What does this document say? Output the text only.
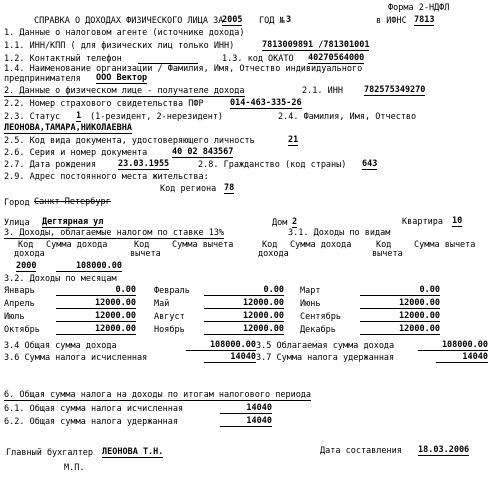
Форма 2-НДФЛ
СПРАВКА О ДОХОДАХ ФИЗИЧЕСКОГО ЛИЦА ЗА
2005 ГОД № 3	в ИФНС 7813
1. Данные о налоговом агенте (источнике дохода)
1.1. ИНН/КПП ( для физических лиц только ИНН)	7813009891 /781301001
1.2. Контактный телефон	1.3. код ОКАТО 40270564000
1.4. Наименование организации / Фамилия, Имя, Отчество индивидуального
предпринимателя ООО Вектор
2. Данные о физическом лице - получателе дохода	2.1. ИНН 782575349270
2.2. Номер страхового свидетельства ПФР	014-463-335-26
2.3. Статус 1 (1-резидент, 2-нерезидент)	2.4. Фамилия, Имя, Отчество
ЛЕОНОВА,ТАМАРА,НИКОЛАЕВНА
2.5. Код вида документа, удостоверяющего личность	21
2.6. Серия и номер документа	40 02 843567
2.7. Дата рождения	23.03.1955	2.8. Гражданство (код страны) 643
2.9. Адрес постоянного места жительства:
Код региона 78
Город Санкт-Петербург
Улица Дегтярная ул	Дом 2	Квартира 10
3. Доходы, облагаемые налогом по ставке 13%	3.1. Доходы по видам
Код
дохода
Сумма дохода	Код
вычета
Сумма вычета	Код
дохода
Сумма дохода	Код
вычета
Сумма вычета
2000	108000.00
3.2. Доходы по месяцам
Январь	0.00 Февраль	0.00 Март	0.00
Апрель	12000.00 Май	12000.00 Июнь	12000.00
Июль	12000.00 Август	12000.00 Сентябрь	12000.00
Октябрь	12000.00 Ноябрь	12000.00 Декабрь	12000.00
3.4 Общая сумма дохода	108000.00 3.5 Облагаемая сумма дохода	108000.00
3.6 Сумма налога исчисленная	14040 3.7 Сумма налога удержанная	14040
6. Общая сумма налога на доходы по итогам налогового периода
6.1. Общая сумма налога исчисленная	14040
6.2. Общая сумма налога удержанная	14040
Главный бухгалтер ЛЕОНОВА Т.Н.	Дата составления 18.03.2006
М.П.
